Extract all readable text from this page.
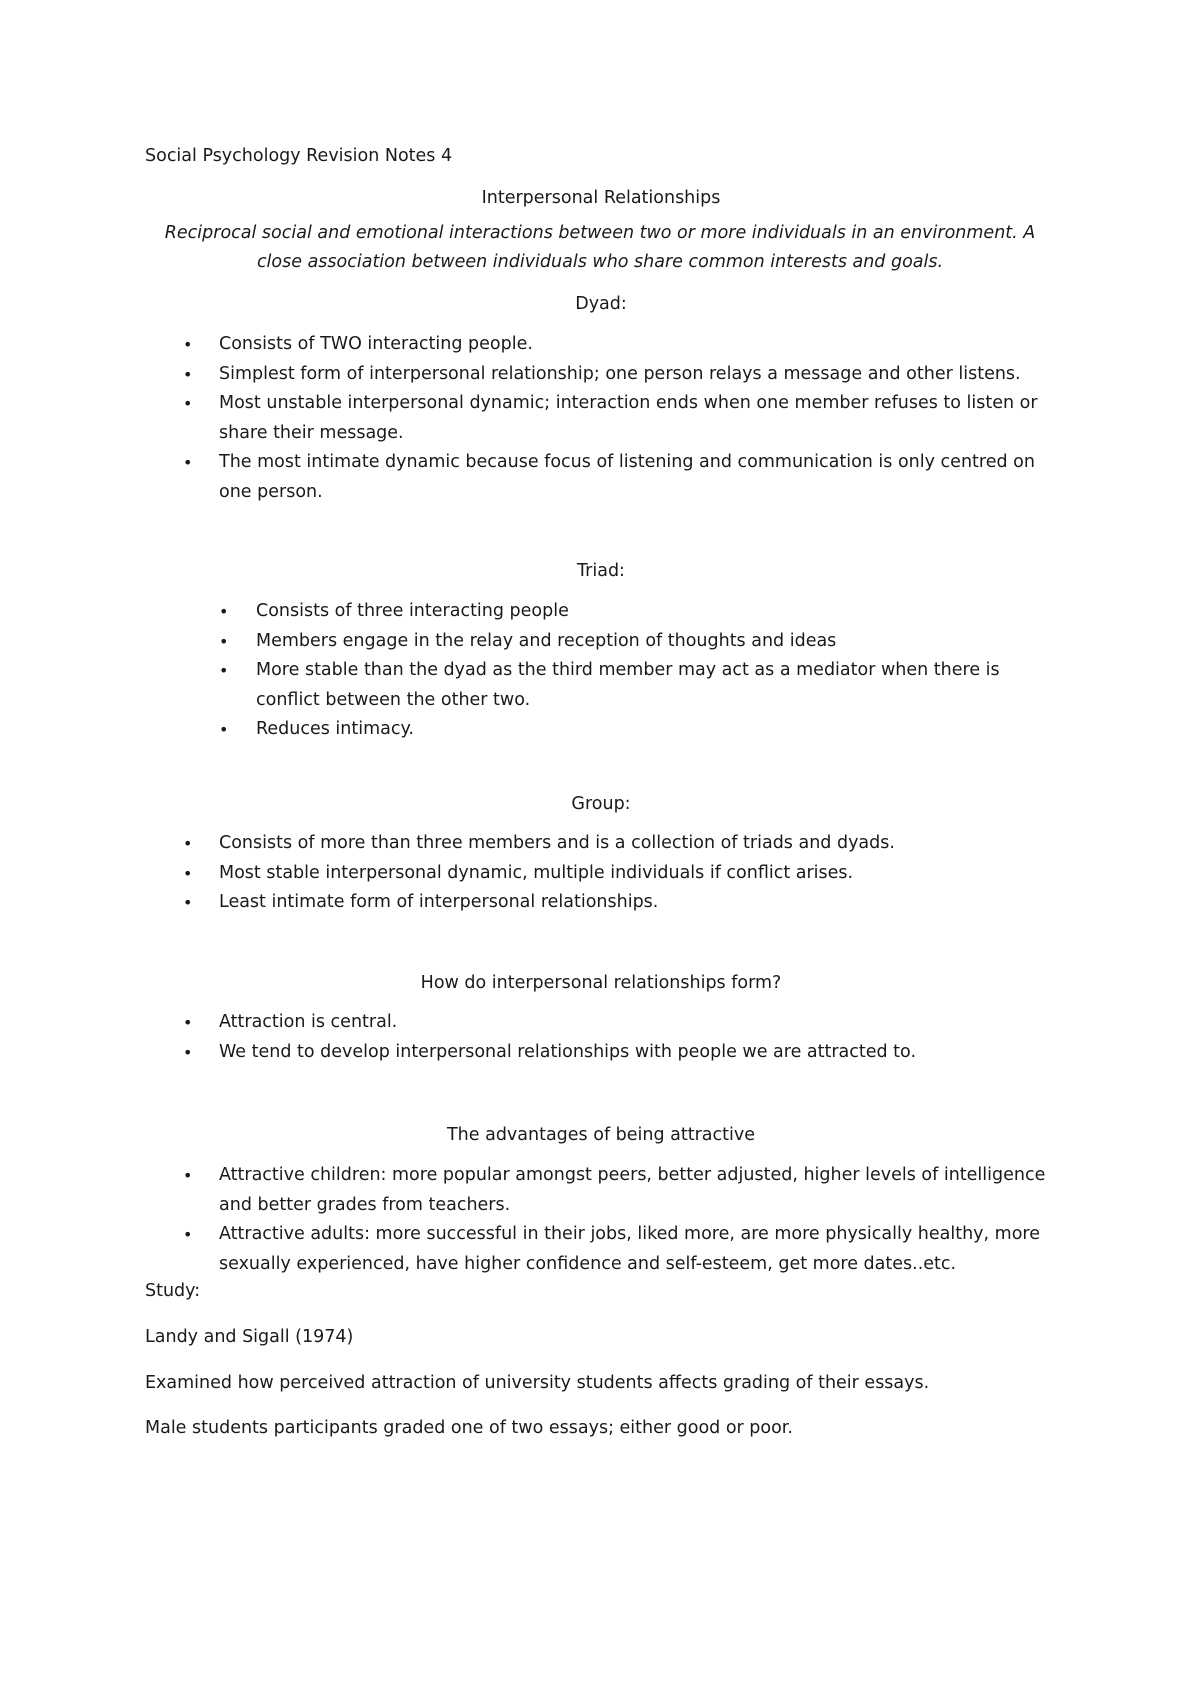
Social Psychology Revision Notes 4
Interpersonal Relationships
Reciprocal social and emotional interactions between two or more individuals in an environment. A close association between individuals who share common interests and goals.
Dyad:
• Consists of TWO interacting people.
• Simplest form of interpersonal relationship; one person relays a message and other listens.
• Most unstable interpersonal dynamic; interaction ends when one member refuses to listen or share their message.
• The most intimate dynamic because focus of listening and communication is only centred on one person.
Triad:
• Consists of three interacting people
• Members engage in the relay and reception of thoughts and ideas
• More stable than the dyad as the third member may act as a mediator when there is conflict between the other two.
• Reduces intimacy.
Group:
• Consists of more than three members and is a collection of triads and dyads.
• Most stable interpersonal dynamic, multiple individuals if conflict arises.
• Least intimate form of interpersonal relationships.
How do interpersonal relationships form?
• Attraction is central.
• We tend to develop interpersonal relationships with people we are attracted to.
The advantages of being attractive
• Attractive children: more popular amongst peers, better adjusted, higher levels of intelligence and better grades from teachers.
• Attractive adults: more successful in their jobs, liked more, are more physically healthy, more sexually experienced, have higher confidence and self-esteem, get more dates..etc.
Study:
Landy and Sigall (1974)
Examined how perceived attraction of university students affects grading of their essays.
Male students participants graded one of two essays; either good or poor.
